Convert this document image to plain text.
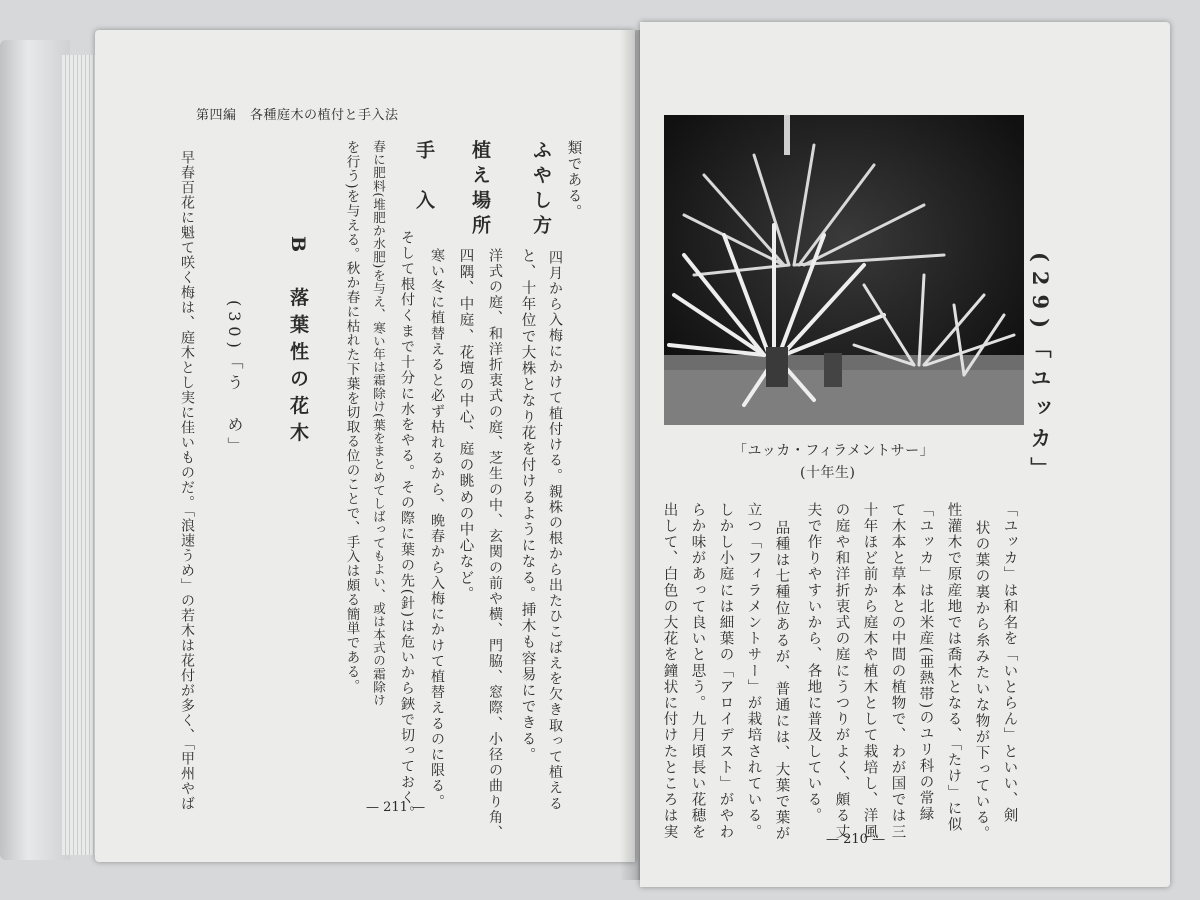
第四編　各種庭木の植付と手入法
類である。
ふやし方
四月から入梅にかけて植付ける。親株の根から出たひこばえを欠き取って植える
と、十年位で大株となり花を付けるようになる。挿木も容易にできる。
植え場所
洋式の庭、和洋折衷式の庭、芝生の中、玄関の前や横、門脇、窓際、小径の曲り角、
四隅、中庭、花壇の中心、庭の眺めの中心など。
手　入
寒い冬に植替えると必ず枯れるから、晩春から入梅にかけて植替えるのに限る。
そして根付くまで十分に水をやる。その際に葉の先(針)は危いから鋏で切っておく。
春に肥料(堆肥か水肥)を与え、寒い年は霜除け(葉をまとめてしばってもよい、或は本式の霜除け
を行う)を与える。秋か春に枯れた下葉を切取る位のことで、手入は頗る簡単である。
B　落葉性の花木
(30)「う　め」
早春百花に魁て咲く梅は、庭木とし実に佳いものだ。「浪速うめ」の若木は花付が多く、「甲州やば	— 211 —
「ユッカ・フィラメントサー」
(十年生)	(29)「ユッカ」
「ユッカ」は和名を「いとらん」といい、剣
状の葉の裏から糸みたいな物が下っている。
性灌木で原産地では喬木となる、「たけ」に似
「ユッカ」は北米産(亜熱帯)のユリ科の常緑
て木本と草本との中間の植物で、わが国では三
十年ほど前から庭木や植木として栽培し、洋風
の庭や和洋折衷式の庭にうつりがよく、頗る丈
夫で作りやすいから、各地に普及している。
品種は七種位あるが、普通には、大葉で葉が
立つ「フィラメントサー」が栽培されている。
しかし小庭には細葉の「アロイデスト」がやわ
らか味があって良いと思う。九月頃長い花穂を
出して、白色の大花を鐘状に付けたところは実	— 210 —
